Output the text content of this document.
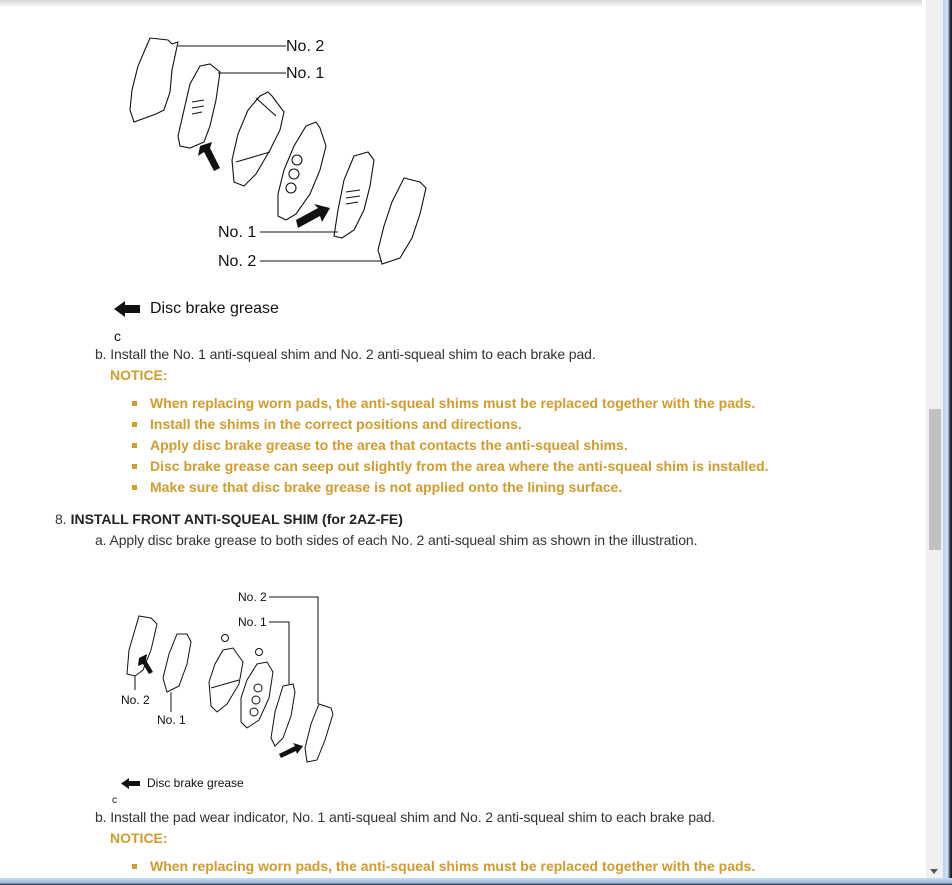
No. 2
No. 1
No. 1
No. 2
Disc brake grease
c
b. Install the No. 1 anti-squeal shim and No. 2 anti-squeal shim to each brake pad.
NOTICE:
When replacing worn pads, the anti-squeal shims must be replaced together with the pads.
Install the shims in the correct positions and directions.
Apply disc brake grease to the area that contacts the anti-squeal shims.
Disc brake grease can seep out slightly from the area where the anti-squeal shim is installed.
Make sure that disc brake grease is not applied onto the lining surface.
8. INSTALL FRONT ANTI-SQUEAL SHIM (for 2AZ-FE)
a. Apply disc brake grease to both sides of each No. 2 anti-squeal shim as shown in the illustration.
No. 2
No. 1
No. 2
No. 1
Disc brake grease
c
b. Install the pad wear indicator, No. 1 anti-squeal shim and No. 2 anti-squeal shim to each brake pad.
NOTICE:
When replacing worn pads, the anti-squeal shims must be replaced together with the pads.
